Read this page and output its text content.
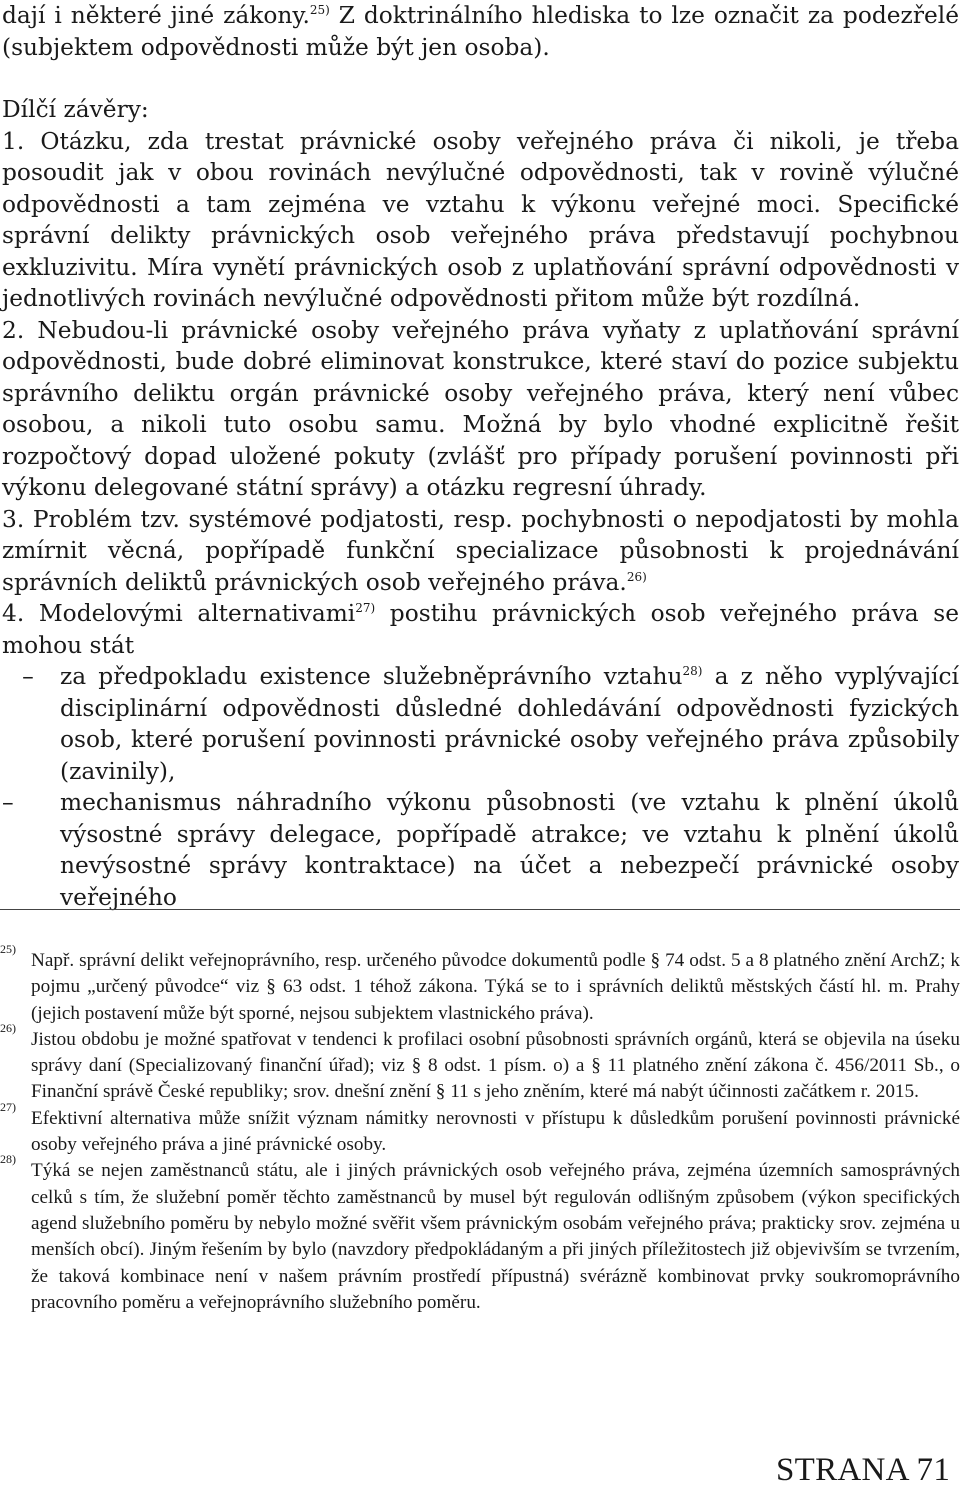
dají i některé jiné zákony.$^{25)}$ Z doktrinálního hlediska to lze označit za podezřelé (subjektem odpovědnosti může být jen osoba).

Dílčí závěry:

1. Otázku, zda trestat právnické osoby veřejného práva či nikoli, je třeba posoudit jak v obou rovinách nevýlučné odpovědnosti, tak v rovině výlučné odpovědnosti a tam zejména ve vztahu k výkonu veřejné moci. Specifické správní delikty právnických osob veřejného práva představují pochybnou exkluzivitu. Míra vynětí právnických osob z uplatňování správní odpovědnosti v jednotlivých rovinách nevýlučné odpovědnosti přitom může být rozdílná.

2. Nebudou-li právnické osoby veřejného práva vyňaty z uplatňování správní odpovědnosti, bude dobré eliminovat konstrukce, které staví do pozice subjektu správního deliktu orgán právnické osoby veřejného práva, který není vůbec osobou, a nikoli tuto osobu samu. Možná by bylo vhodné explicitně řešit rozpočtový dopad uložené pokuty (zvlášť pro případy porušení povinnosti při výkonu delegované státní správy) a otázku regresní úhrady.

3. Problém tzv. systémové podjatosti, resp. pochybnosti o nepodjatosti by mohla zmírnit věcná, popřípadě funkční specializace působnosti k projednávání správních deliktů právnických osob veřejného práva.$^{26)}$

4. Modelovými alternativami$^{27)}$ postihu právnických osob veřejného práva se mohou stát

–	za předpokladu existence služebněprávního vztahu$^{28)}$ a z něho vyplývající disciplinární odpovědnosti důsledné dohledávání odpovědnosti fyzických osob, které porušení povinnosti právnické osoby veřejného práva způsobily (zavinily),

–	mechanismus náhradního výkonu působnosti (ve vztahu k plnění úkolů výsostné správy delegace, popřípadě atrakce; ve vztahu k plnění úkolů nevýsostné správy kontraktace) na účet a nebezpečí právnické osoby veřejného

25)
Např. správní delikt veřejnoprávního, resp. určeného původce dokumentů podle § 74 odst. 5 a 8 platného znění ArchZ; k pojmu „určený původce“ viz § 63 odst. 1 téhož zákona. Týká se to i správních deliktů městských částí hl. m. Prahy (jejich postavení může být sporné, nejsou subjektem vlastnického práva).

26)
Jistou obdobu je možné spatřovat v tendenci k profilaci osobní působnosti správních orgánů, která se objevila na úseku správy daní (Specializovaný finanční úřad); viz § 8 odst. 1 písm. o) a § 11 platného znění zákona č. 456/2011 Sb., o Finanční správě České republiky; srov. dnešní znění § 11 s jeho zněním, které má nabýt účinnosti začátkem r. 2015.

27)
Efektivní alternativa může snížit význam námitky nerovnosti v přístupu k důsledkům porušení povinnosti právnické osoby veřejného práva a jiné právnické osoby.

28)
Týká se nejen zaměstnanců státu, ale i jiných právnických osob veřejného práva, zejména územních samosprávných celků s tím, že služební poměr těchto zaměstnanců by musel být regulován odlišným způsobem (výkon specifických agend služebního poměru by nebylo možné svěřit všem právnickým osobám veřejného práva; prakticky srov. zejména u menších obcí). Jiným řešením by bylo (navzdory předpokládaným a při jiných příležitostech již objevivším se tvrzením, že taková kombinace není v našem právním prostředí přípustná) svérázně kombinovat prvky soukromoprávního pracovního poměru a veřejnoprávního služebního poměru.

STRANA 71
